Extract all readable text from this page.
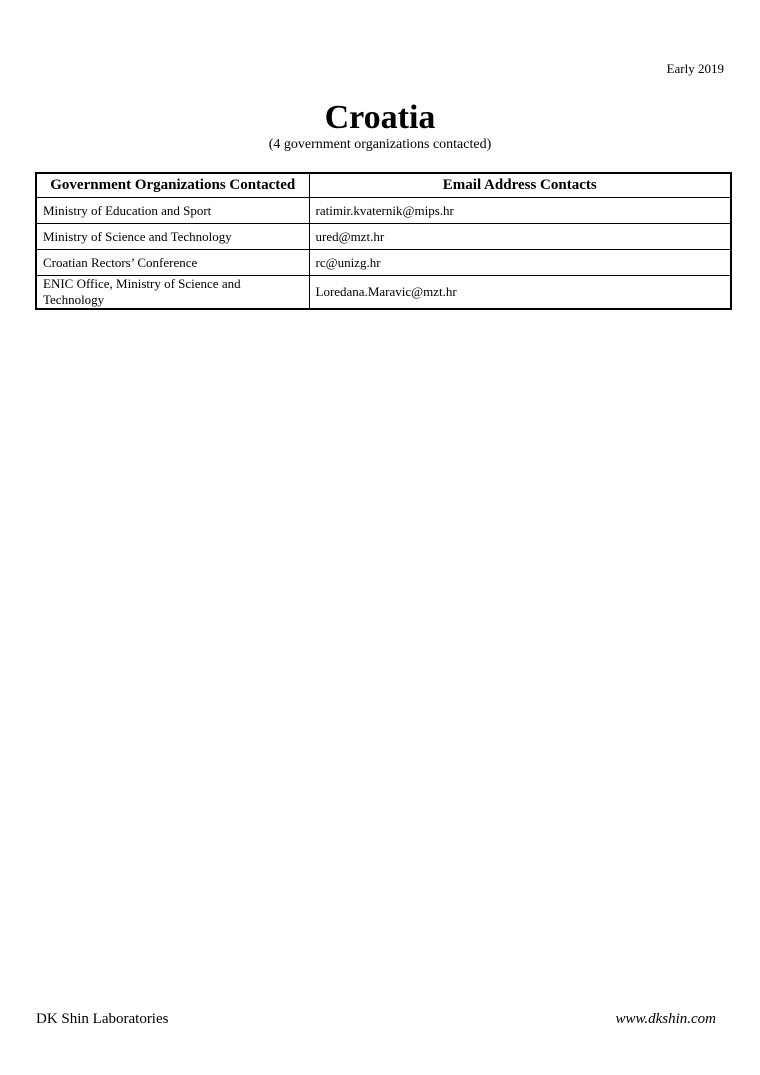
Early 2019
Croatia
(4 government organizations contacted)
Government Organizations Contacted	Email Address Contacts
Ministry of Education and Sport	ratimir.kvaternik@mips.hr
Ministry of Science and Technology	ured@mzt.hr
Croatian Rectors’ Conference	rc@unizg.hr
ENIC Office, Ministry of Science and Technology	Loredana.Maravic@mzt.hr
DK Shin Laboratories	www.dkshin.com
